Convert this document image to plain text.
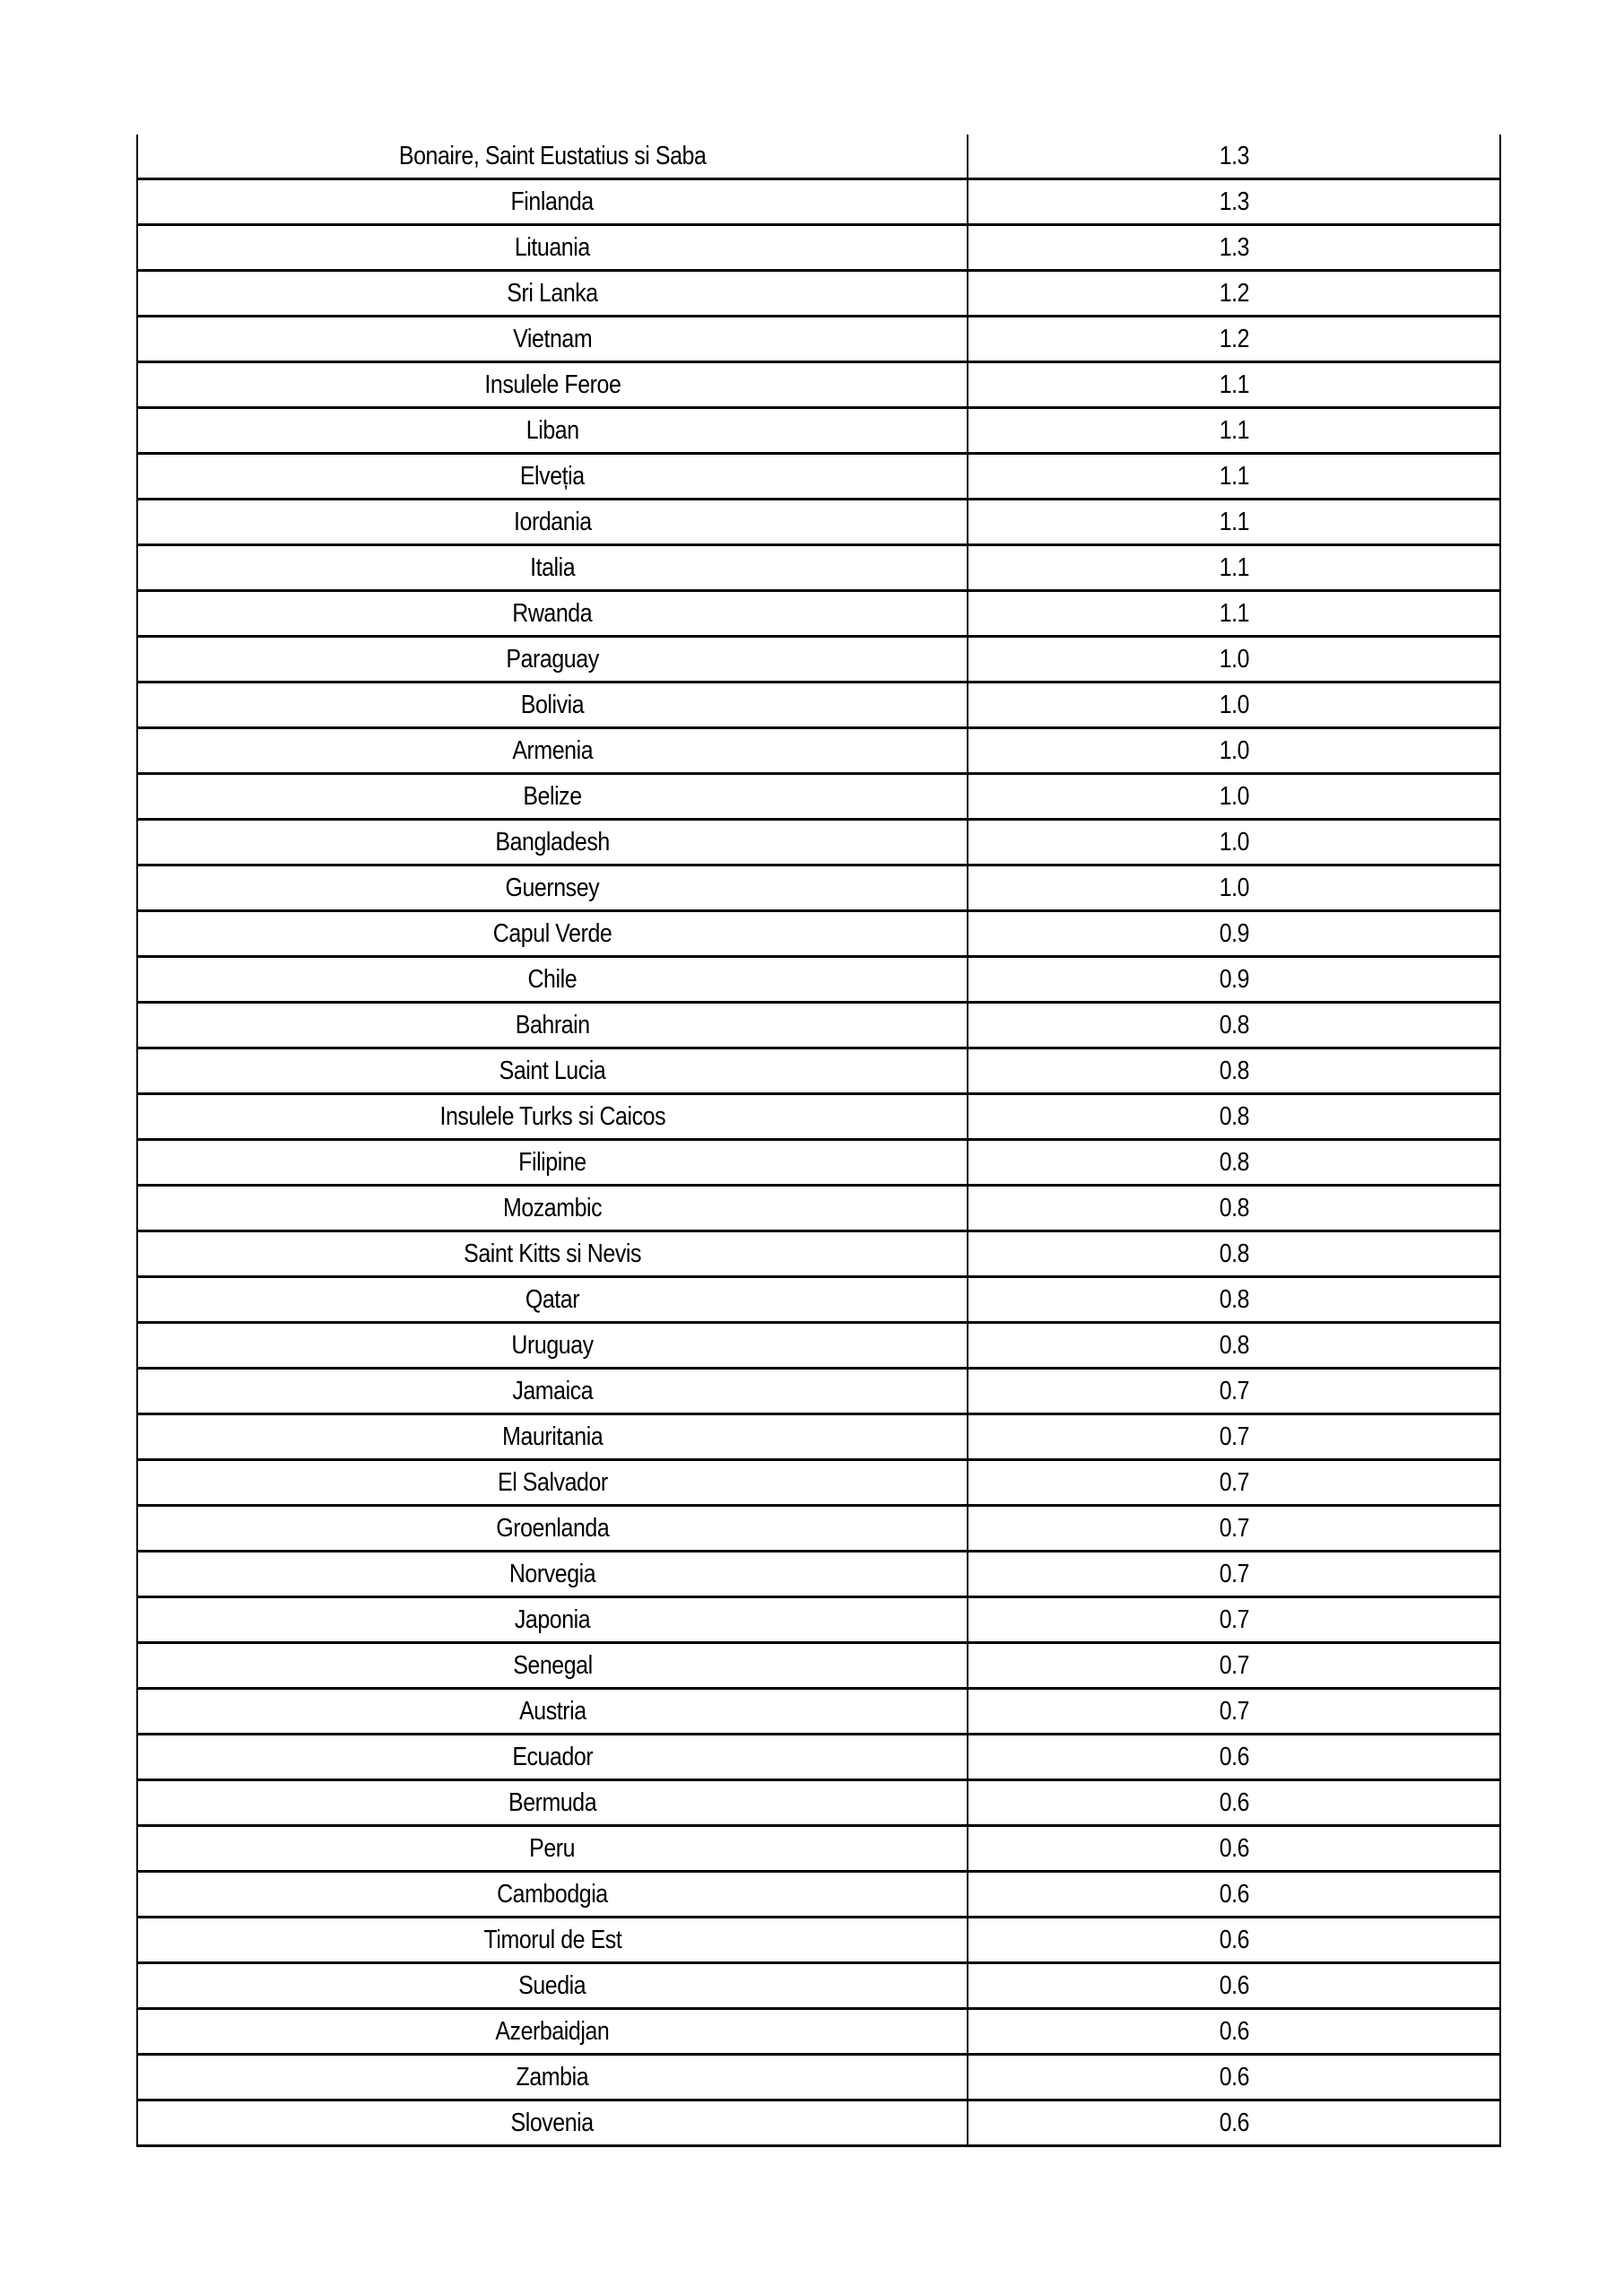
Bonaire, Saint Eustatius si Saba	1.3
Finlanda	1.3
Lituania	1.3
Sri Lanka	1.2
Vietnam	1.2
Insulele Feroe	1.1
Liban	1.1
Elveția	1.1
Iordania	1.1
Italia	1.1
Rwanda	1.1
Paraguay	1.0
Bolivia	1.0
Armenia	1.0
Belize	1.0
Bangladesh	1.0
Guernsey	1.0
Capul Verde	0.9
Chile	0.9
Bahrain	0.8
Saint Lucia	0.8
Insulele Turks si Caicos	0.8
Filipine	0.8
Mozambic	0.8
Saint Kitts si Nevis	0.8
Qatar	0.8
Uruguay	0.8
Jamaica	0.7
Mauritania	0.7
El Salvador	0.7
Groenlanda	0.7
Norvegia	0.7
Japonia	0.7
Senegal	0.7
Austria	0.7
Ecuador	0.6
Bermuda	0.6
Peru	0.6
Cambodgia	0.6
Timorul de Est	0.6
Suedia	0.6
Azerbaidjan	0.6
Zambia	0.6
Slovenia	0.6
